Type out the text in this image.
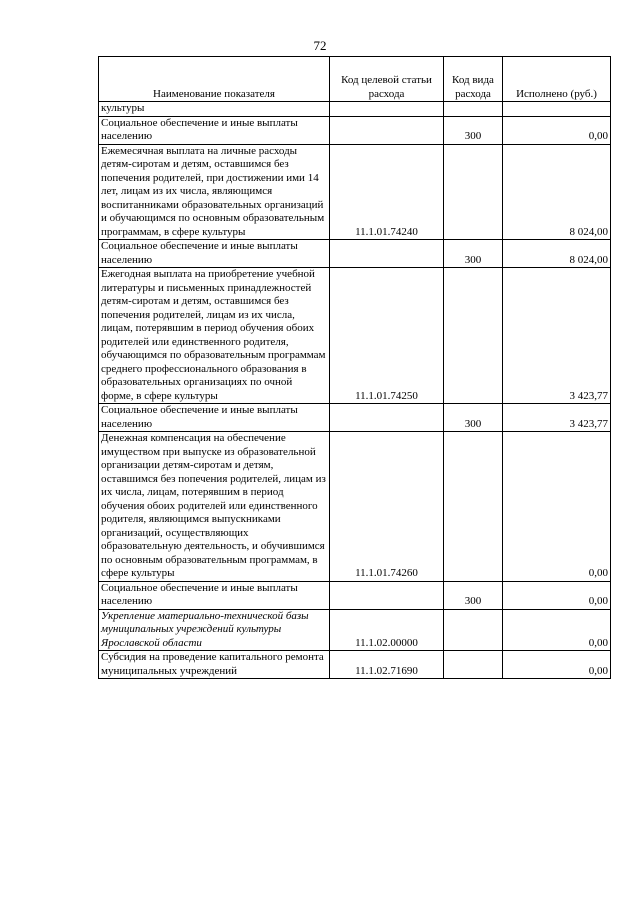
72
Наименование показателя	Код целевой статьи расхода	Код вида расхода	Исполнено (руб.)
культуры			
Социальное обеспечение и иные выплаты населению		300	0,00
Ежемесячная выплата на личные расходы детям-сиротам и детям, оставшимся без попечения родителей, при достижении ими 14 лет, лицам из их числа, являющимся воспитанниками образовательных организаций и обучающимся по основным образовательным программам, в сфере культуры	11.1.01.74240		8 024,00
Социальное обеспечение и иные выплаты населению		300	8 024,00
Ежегодная выплата на приобретение учебной литературы и письменных принадлежностей детям-сиротам и детям, оставшимся без попечения родителей, лицам из их числа, лицам, потерявшим в период обучения обоих родителей или единственного родителя, обучающимся по образовательным программам среднего профессионального образования в образовательных организациях по очной форме, в сфере культуры	11.1.01.74250		3 423,77
Социальное обеспечение и иные выплаты населению		300	3 423,77
Денежная компенсация на обеспечение имуществом при выпуске из образовательной организации детям-сиротам и детям, оставшимся без попечения родителей, лицам из их числа, лицам, потерявшим в период обучения обоих родителей или единственного родителя, являющимся выпускниками организаций, осуществляющих образовательную деятельность, и обучившимся по основным образовательным программам, в сфере культуры	11.1.01.74260		0,00
Социальное обеспечение и иные выплаты населению		300	0,00
Укрепление материально-технической базы муниципальных учреждений культуры Ярославской области	11.1.02.00000		0,00
Субсидия на проведение капитального ремонта муниципальных учреждений	11.1.02.71690		0,00
